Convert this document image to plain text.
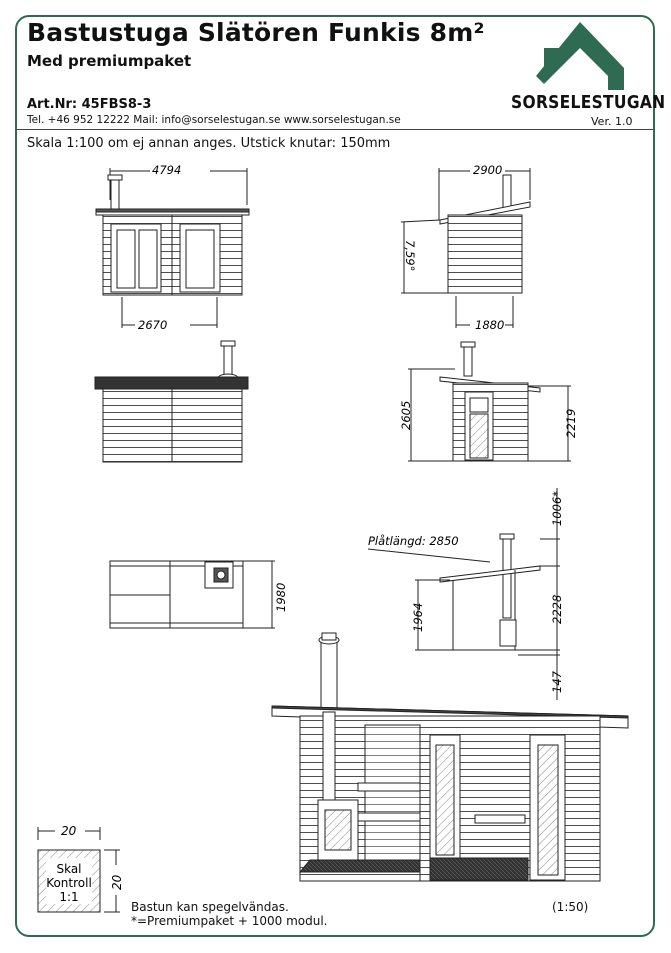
Bastustuga Slätören Funkis 8m²
Med premiumpaket
Art.Nr: 45FBS8-3
Tel. +46 952 12222 Mail: info@sorselestugan.se www.sorselestugan.se
SORSELESTUGAN
Ver. 1.0
Skala 1:100 om ej annan anges. Utstick knutar: 150mm
4794
2670
2900
7,59°
1880
2605	2219
1980
Plåtlängd: 2850
1006*
1964	2228
147
20
20
Skal
Kontroll
1:1
Bastun kan spegelvändas.
*=Premiumpaket + 1000 modul.
(1:50)
